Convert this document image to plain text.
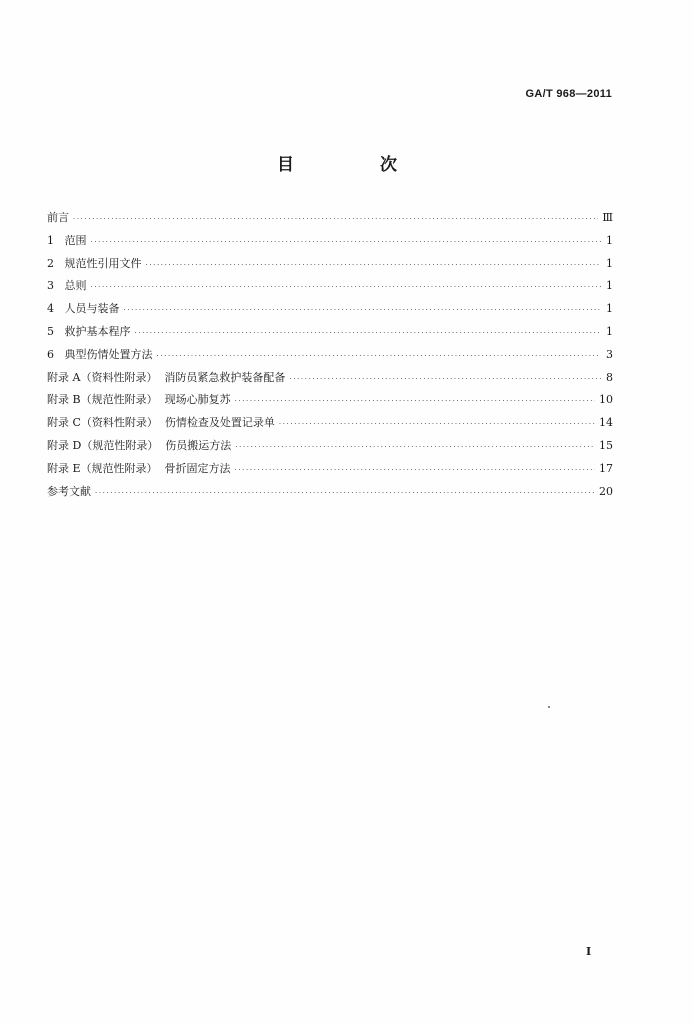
GA/T 968—2011
目 次
前言 ·····	Ⅲ
1   范围 ·····	1
2   规范性引用文件 ·····	1
3   总则 ·····	1
4   人员与装备 ·····	1
5   救护基本程序 ·····	1
6   典型伤情处置方法 ·····	3
附录 A（资料性附录）  消防员紧急救护装备配备 ·····	8
附录 B（规范性附录）  现场心肺复苏 ·····	10
附录 C（资料性附录）  伤情检查及处置记录单 ·····	14
附录 D（规范性附录）  伤员搬运方法 ·····	15
附录 E（规范性附录）  骨折固定方法 ·····	17
参考文献 ·····	20
I
